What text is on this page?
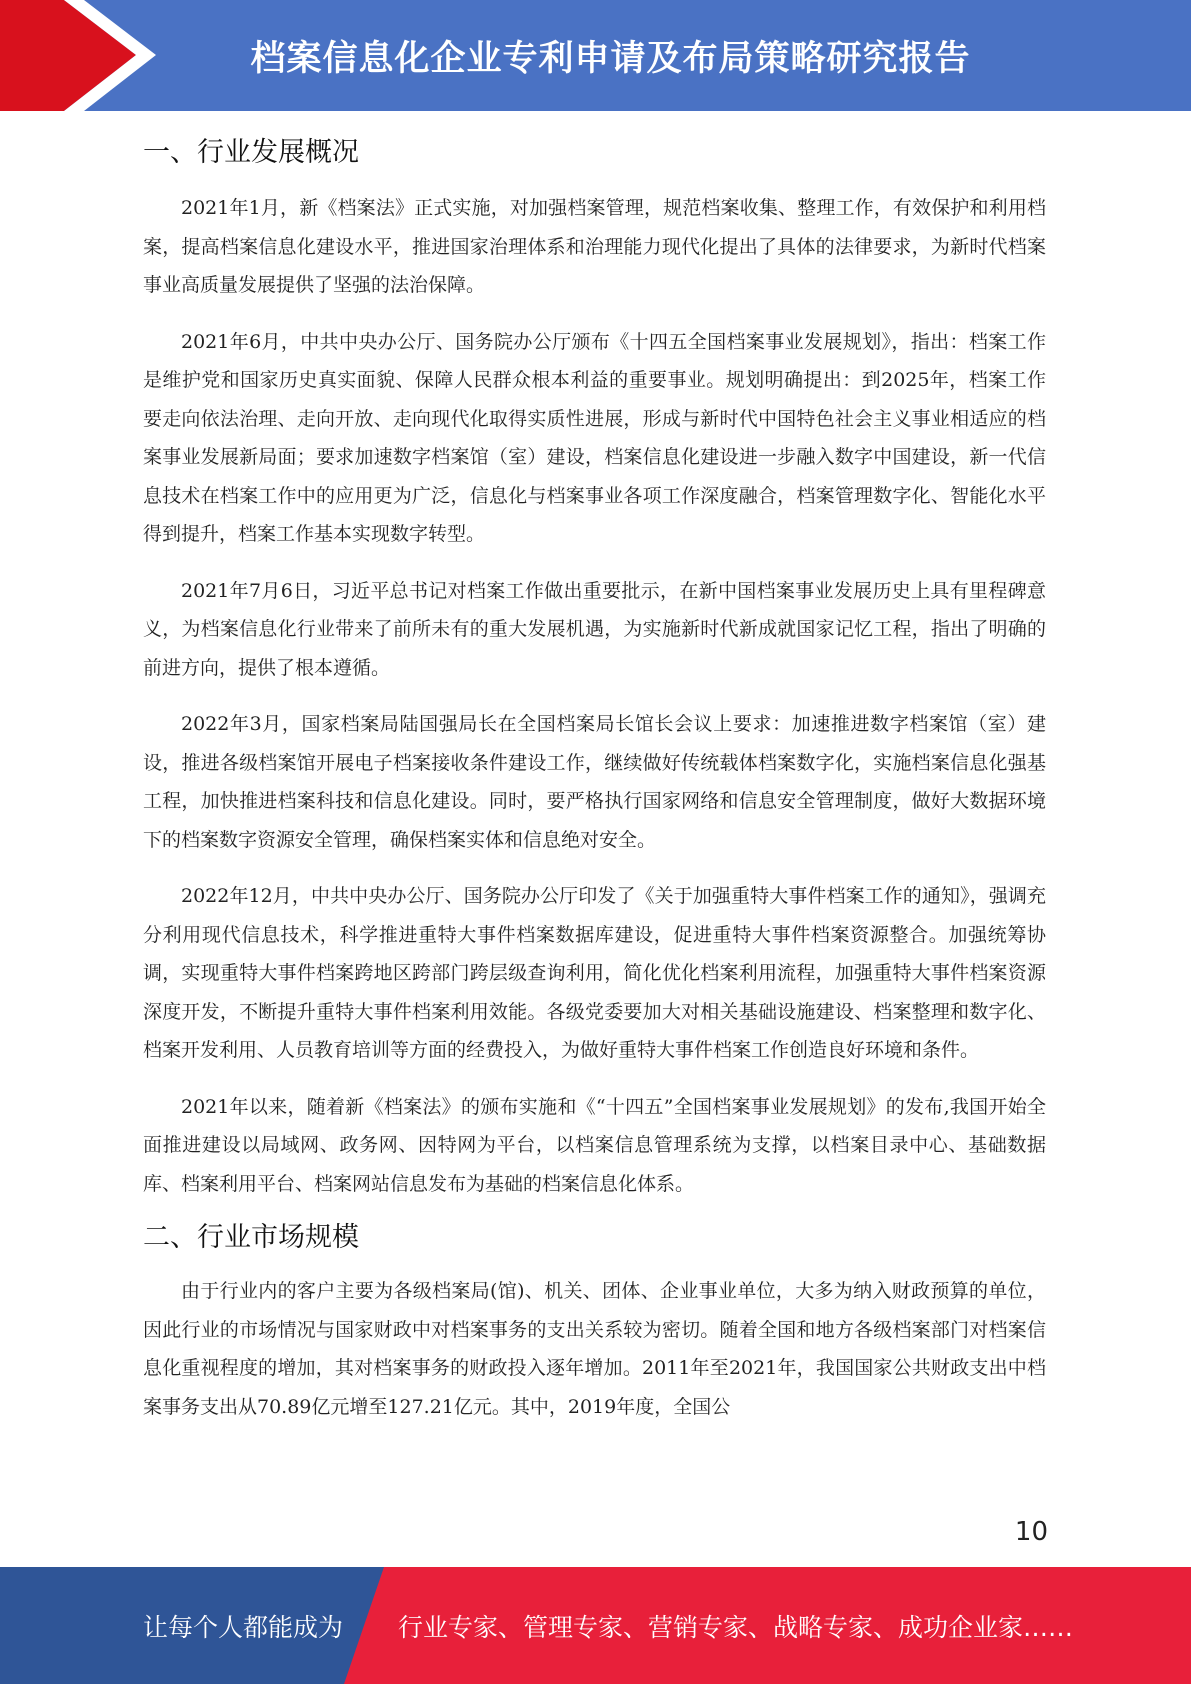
档案信息化企业专利申请及布局策略研究报告
一、行业发展概况

2021年1月，新《档案法》正式实施，对加强档案管理，规范档案收集、整理工作，有效保护和利用档案，提高档案信息化建设水平，推进国家治理体系和治理能力现代化提出了具体的法律要求，为新时代档案事业高质量发展提供了坚强的法治保障。

2021年6月，中共中央办公厅、国务院办公厅颁布《十四五全国档案事业发展规划》，指出：档案工作是维护党和国家历史真实面貌、保障人民群众根本利益的重要事业。规划明确提出：到2025年，档案工作要走向依法治理、走向开放、走向现代化取得实质性进展，形成与新时代中国特色社会主义事业相适应的档案事业发展新局面；要求加速数字档案馆（室）建设，档案信息化建设进一步融入数字中国建设，新一代信息技术在档案工作中的应用更为广泛，信息化与档案事业各项工作深度融合，档案管理数字化、智能化水平得到提升，档案工作基本实现数字转型。

2021年7月6日，习近平总书记对档案工作做出重要批示，在新中国档案事业发展历史上具有里程碑意义，为档案信息化行业带来了前所未有的重大发展机遇，为实施新时代新成就国家记忆工程，指出了明确的前进方向，提供了根本遵循。

2022年3月，国家档案局陆国强局长在全国档案局长馆长会议上要求：加速推进数字档案馆（室）建设，推进各级档案馆开展电子档案接收条件建设工作，继续做好传统载体档案数字化，实施档案信息化强基工程，加快推进档案科技和信息化建设。同时，要严格执行国家网络和信息安全管理制度，做好大数据环境下的档案数字资源安全管理，确保档案实体和信息绝对安全。

2022年12月，中共中央办公厅、国务院办公厅印发了《关于加强重特大事件档案工作的通知》，强调充分利用现代信息技术，科学推进重特大事件档案数据库建设，促进重特大事件档案资源整合。加强统筹协调，实现重特大事件档案跨地区跨部门跨层级查询利用，简化优化档案利用流程，加强重特大事件档案资源深度开发，不断提升重特大事件档案利用效能。各级党委要加大对相关基础设施建设、档案整理和数字化、档案开发利用、人员教育培训等方面的经费投入，为做好重特大事件档案工作创造良好环境和条件。

2021年以来，随着新《档案法》的颁布实施和《“十四五”全国档案事业发展规划》的发布,我国开始全面推进建设以局域网、政务网、因特网为平台，以档案信息管理系统为支撑，以档案目录中心、基础数据库、档案利用平台、档案网站信息发布为基础的档案信息化体系。

二、行业市场规模

由于行业内的客户主要为各级档案局(馆)、机关、团体、企业事业单位，大多为纳入财政预算的单位，因此行业的市场情况与国家财政中对档案事务的支出关系较为密切。随着全国和地方各级档案部门对档案信息化重视程度的增加，其对档案事务的财政投入逐年增加。2011年至2021年，我国国家公共财政支出中档案事务支出从70.89亿元增至127.21亿元。其中，2019年度，全国公

10
让每个人都能成为 行业专家、管理专家、营销专家、战略专家、成功企业家……
